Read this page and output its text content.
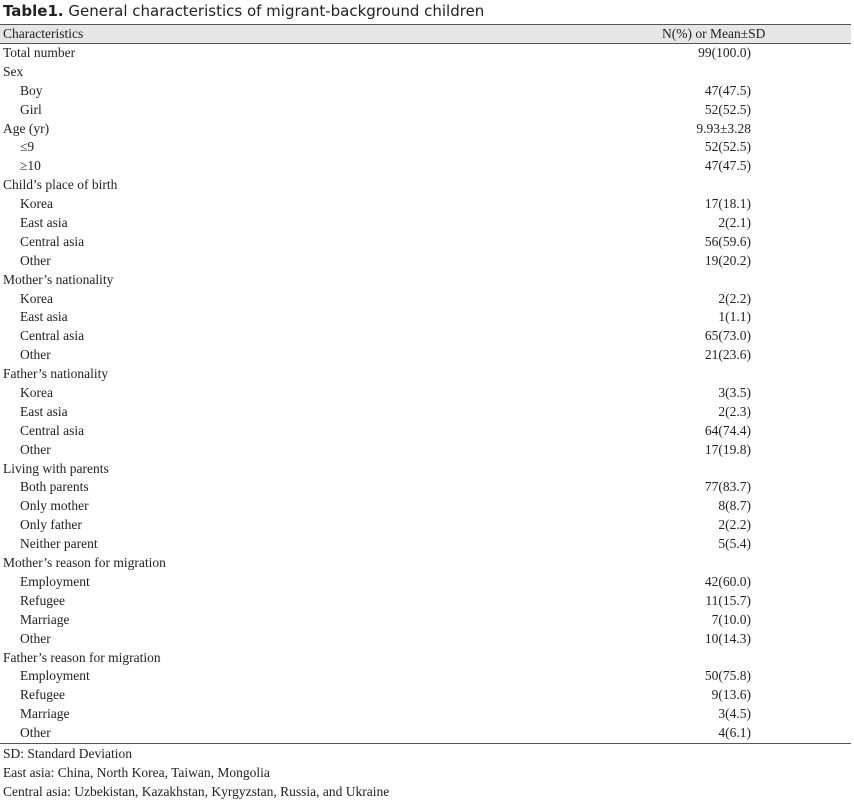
Table1. General characteristics of migrant-background children
Characteristics	N(%) or Mean±SD
Total number	99(100.0)
Sex
Boy	47(47.5)
Girl	52(52.5)
Age (yr)	9.93±3.28
≤9	52(52.5)
≥10	47(47.5)
Child’s place of birth
Korea	17(18.1)
East asia	2(2.1)
Central asia	56(59.6)
Other	19(20.2)
Mother’s nationality
Korea	2(2.2)
East asia	1(1.1)
Central asia	65(73.0)
Other	21(23.6)
Father’s nationality
Korea	3(3.5)
East asia	2(2.3)
Central asia	64(74.4)
Other	17(19.8)
Living with parents
Both parents	77(83.7)
Only mother	8(8.7)
Only father	2(2.2)
Neither parent	5(5.4)
Mother’s reason for migration
Employment	42(60.0)
Refugee	11(15.7)
Marriage	7(10.0)
Other	10(14.3)
Father’s reason for migration
Employment	50(75.8)
Refugee	9(13.6)
Marriage	3(4.5)
Other	4(6.1)
SD: Standard Deviation
East asia: China, North Korea, Taiwan, Mongolia
Central asia: Uzbekistan, Kazakhstan, Kyrgyzstan, Russia, and Ukraine
